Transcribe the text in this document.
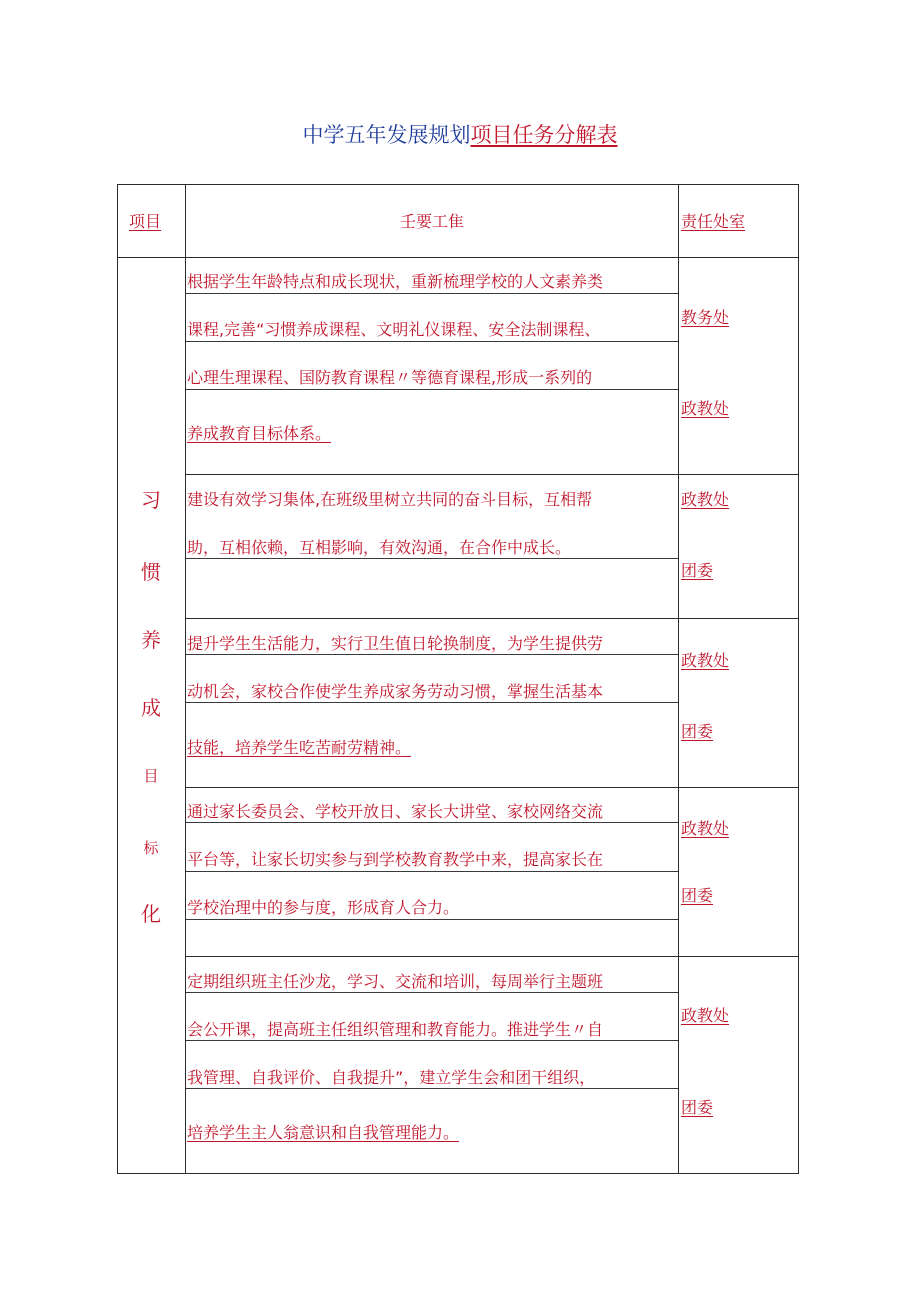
中学五年发展规划项目任务分解表
项目	壬要工隹	责任处室
习
惯
养
成
目
标
化
根据学生年龄特点和成长现状，重新梳理学校的人文素养类
课程,完善“习惯养成课程、文明礼仪课程、安全法制课程、
心理生理课程、国防教育课程〃等德育课程,形成一系列的
养成教育目标体系。
教务处
政教处
建设有效学习集体,在班级里树立共同的奋斗目标，互相帮
助，互相依赖，互相影响，有效沟通，在合作中成长。
政教处
团委
提升学生生活能力，实行卫生值日轮换制度，为学生提供劳
动机会，家校合作使学生养成家务劳动习惯，掌握生活基本
技能，培养学生吃苦耐劳精神。
政教处
团委
通过家长委员会、学校开放日、家长大讲堂、家校网络交流
平台等，让家长切实参与到学校教育教学中来，提高家长在
学校治理中的参与度，形成育人合力。
政教处
团委
定期组织班主任沙龙，学习、交流和培训，每周举行主题班
会公开课，提高班主任组织管理和教育能力。推进学生〃自
我管理、自我评价、自我提升”，建立学生会和团干组织，
培养学生主人翁意识和自我管理能力。
政教处
团委
